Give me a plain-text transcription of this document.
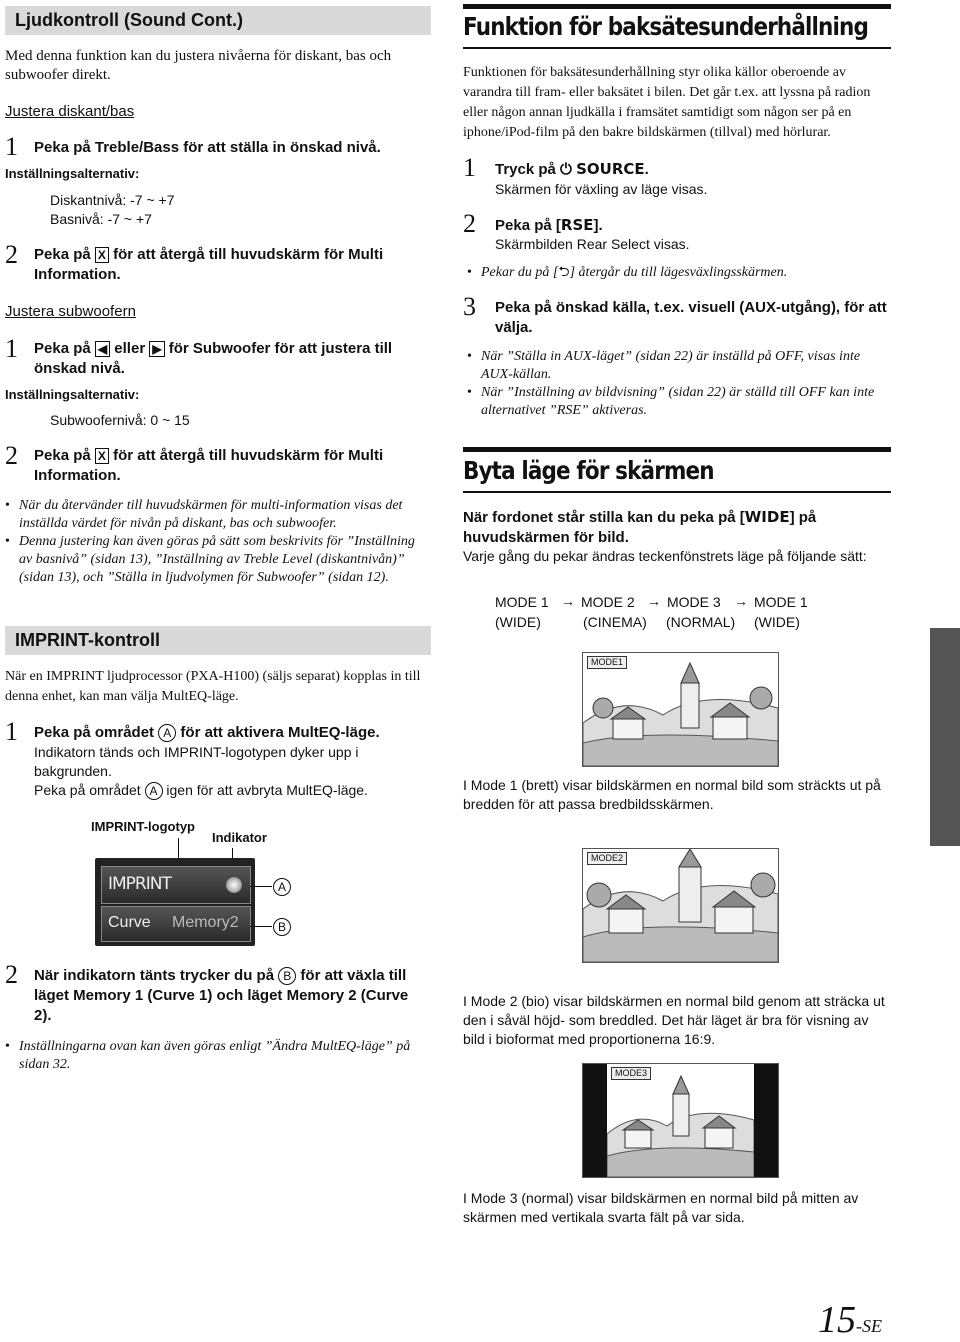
Ljudkontroll (Sound Cont.)
Med denna funktion kan du justera nivåerna för diskant, bas och subwoofer direkt.
Justera diskant/bas
1 Peka på Treble/Bass för att ställa in önskad nivå.
Inställningsalternativ:
Diskantnivå: -7 ~ +7
Basnivå: -7 ~ +7
2 Peka på X för att återgå till huvudskärm för Multi Information.
Justera subwoofern
1 Peka på ◀ eller ▶ för Subwoofer för att justera till önskad nivå.
Inställningsalternativ:
Subwoofernivå: 0 ~ 15
2 Peka på X för att återgå till huvudskärm för Multi Information.
• När du återvänder till huvudskärmen för multi-information visas det inställda värdet för nivån på diskant, bas och subwoofer.
• Denna justering kan även göras på sätt som beskrivits för ”Inställning av basnivå” (sidan 13), ”Inställning av Treble Level (diskantnivån)” (sidan 13), och ”Ställa in ljudvolymen för Subwoofer” (sidan 12).
IMPRINT-kontroll
När en IMPRINT ljudprocessor (PXA-H100) (säljs separat) kopplas in till denna enhet, kan man välja MultEQ-läge.
1 Peka på området A för att aktivera MultEQ-läge.
Indikatorn tänds och IMPRINT-logotypen dyker upp i bakgrunden.
Peka på området A igen för att avbryta MultEQ-läge.
IMPRINT-logotyp
Indikator
IMPRINT
Curve Memory2
A
B
2 När indikatorn tänts trycker du på B för att växla till läget Memory 1 (Curve 1) och läget Memory 2 (Curve 2).
• Inställningarna ovan kan även göras enligt ”Ändra MultEQ-läge” på sidan 32.
Funktion för baksätesunderhållning
Funktionen för baksätesunderhållning styr olika källor oberoende av varandra till fram- eller baksätet i bilen. Det går t.ex. att lyssna på radion eller någon annan ljudkälla i framsätet samtidigt som någon ser på en iphone/iPod-film på den bakre bildskärmen (tillval) med hörlurar.
1 Tryck på ⏻ SOURCE.
Skärmen för växling av läge visas.
2 Peka på [RSE].
Skärmbilden Rear Select visas.
• Pekar du på [⮌] återgår du till lägesväxlingsskärmen.
3 Peka på önskad källa, t.ex. visuell (AUX-utgång), för att välja.
• När ”Ställa in AUX-läget” (sidan 22) är inställd på OFF, visas inte AUX-källan.
• När ”Inställning av bildvisning” (sidan 22) är ställd till OFF kan inte alternativet ”RSE” aktiveras.
Byta läge för skärmen
När fordonet står stilla kan du peka på [WIDE] på huvudskärmen för bild.
Varje gång du pekar ändras teckenfönstrets läge på följande sätt:
MODE 1 → MODE 2 → MODE 3 → MODE 1
(WIDE)	(CINEMA) (NORMAL) (WIDE)
MODE1
I Mode 1 (brett) visar bildskärmen en normal bild som sträckts ut på bredden för att passa bredbildsskärmen.
MODE2
I Mode 2 (bio) visar bildskärmen en normal bild genom att sträcka ut den i såväl höjd- som breddled. Det här läget är bra för visning av bild i bioformat med proportionerna 16:9.
MODE3
I Mode 3 (normal) visar bildskärmen en normal bild på mitten av skärmen med vertikala svarta fält på var sida.
15-SE
